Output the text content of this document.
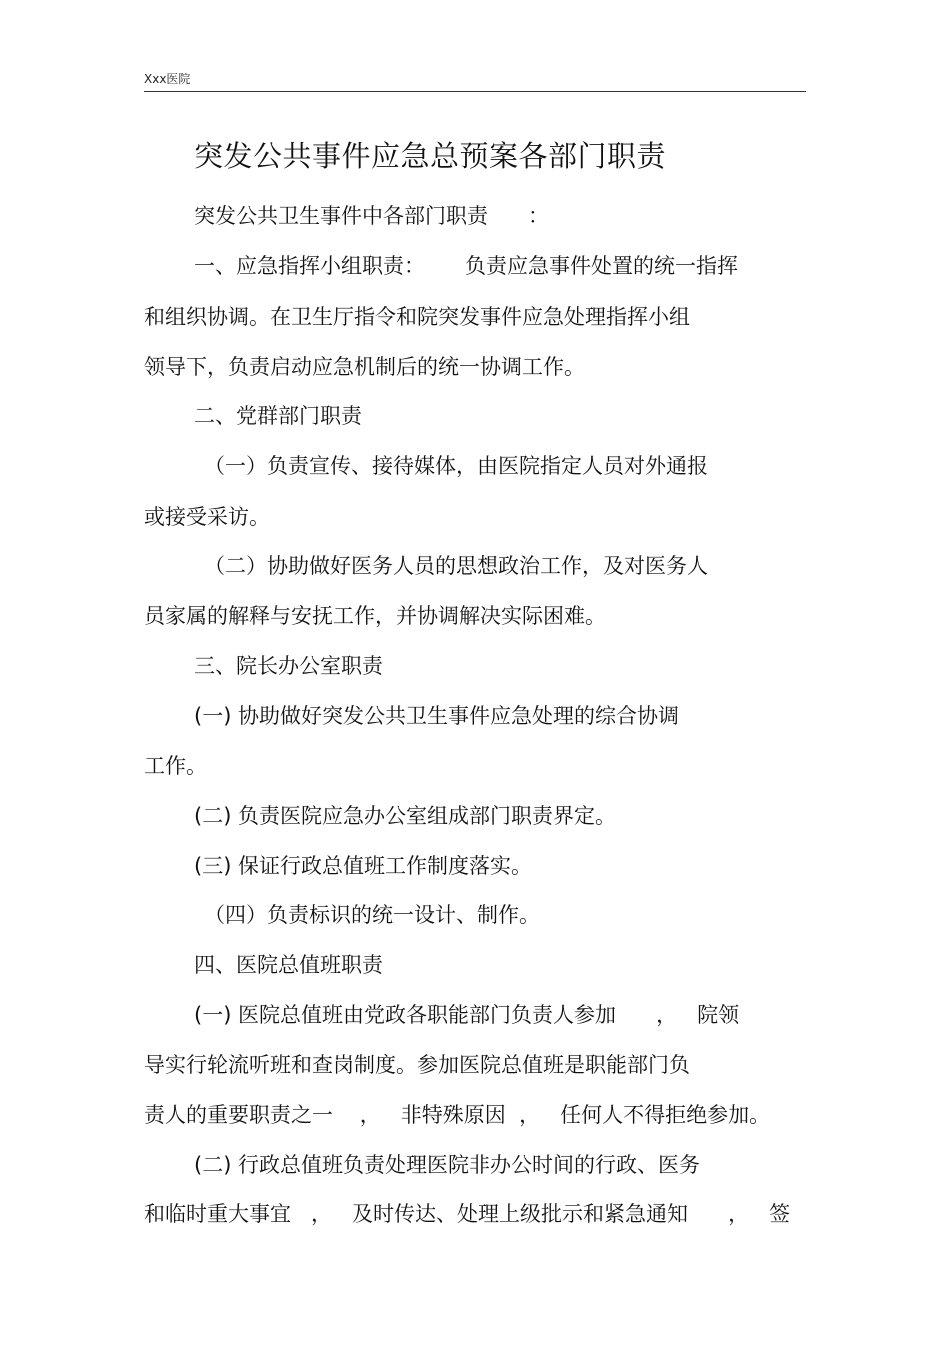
Xxx医院
突发公共事件应急总预案各部门职责
突发公共卫生事件中各部门职责      ：
一、应急指挥小组职责：      负责应急事件处置的统一指挥
和组织协调。在卫生厅指令和院突发事件应急处理指挥小组
领导下，负责启动应急机制后的统一协调工作。
二、党群部门职责
（一）负责宣传、接待媒体，由医院指定人员对外通报
或接受采访。
（二）协助做好医务人员的思想政治工作，及对医务人
员家属的解释与安抚工作，并协调解决实际困难。
三、院长办公室职责
(一) 协助做好突发公共卫生事件应急处理的综合协调
工作。
(二) 负责医院应急办公室组成部门职责界定。
(三) 保证行政总值班工作制度落实。
（四）负责标识的统一设计、制作。
四、医院总值班职责
(一) 医院总值班由党政各职能部门负责人参加      ，   院领
导实行轮流听班和查岗制度。参加医院总值班是职能部门负
责人的重要职责之一    ，   非特殊原因  ，   任何人不得拒绝参加。
(二) 行政总值班负责处理医院非办公时间的行政、医务
和临时重大事宜   ，   及时传达、处理上级批示和紧急通知      ，   签
